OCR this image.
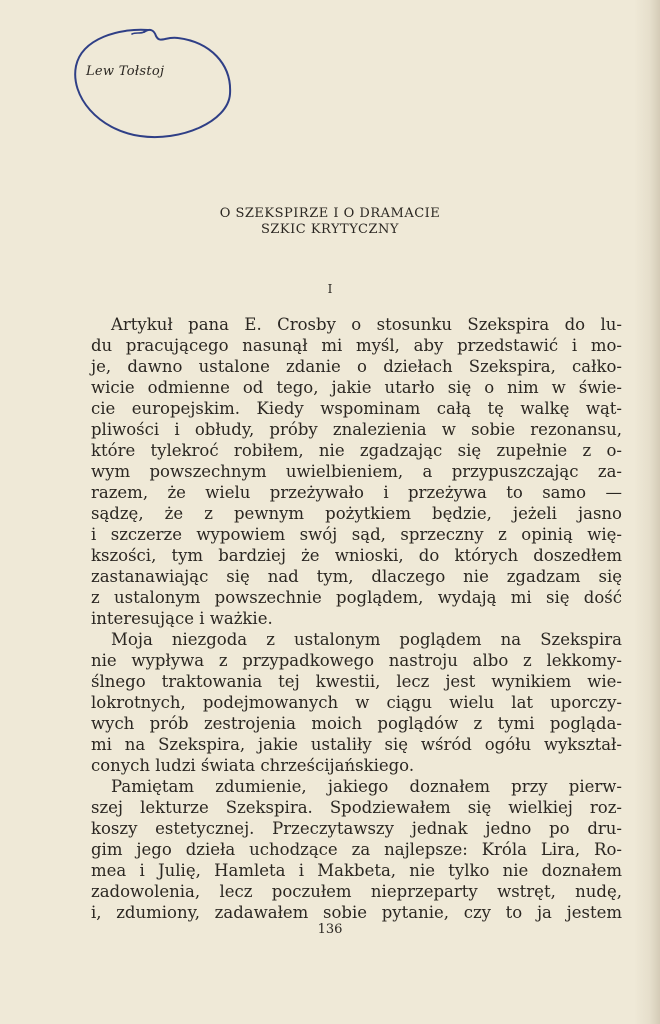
Lew Tołstoj
O SZEKSPIRZE I O DRAMACIE
SZKIC KRYTYCZNY
I
Artykuł pana E. Crosby o stosunku Szekspira do lu-
du pracującego nasunął mi myśl, aby przedstawić i mo-
je, dawno ustalone zdanie o dziełach Szekspira, całko-
wicie odmienne od tego, jakie utarło się o nim w świe-
cie europejskim. Kiedy wspominam całą tę walkę wąt-
pliwości i obłudy, próby znalezienia w sobie rezonansu,
które tylekroć robiłem, nie zgadzając się zupełnie z o-
wym powszechnym uwielbieniem, a przypuszczając za-
razem, że wielu przeżywało i przeżywa to samo —
sądzę, że z pewnym pożytkiem będzie, jeżeli jasno
i szczerze wypowiem swój sąd, sprzeczny z opinią wię-
kszości, tym bardziej że wnioski, do których doszedłem
zastanawiając się nad tym, dlaczego nie zgadzam się
z ustalonym powszechnie poglądem, wydają mi się dość
interesujące i ważkie.
Moja niezgoda z ustalonym poglądem na Szekspira
nie wypływa z przypadkowego nastroju albo z lekkomy-
ślnego traktowania tej kwestii, lecz jest wynikiem wie-
lokrotnych, podejmowanych w ciągu wielu lat uporczy-
wych prób zestrojenia moich poglądów z tymi pogląda-
mi na Szekspira, jakie ustaliły się wśród ogółu wykształ-
conych ludzi świata chrześcijańskiego.
Pamiętam zdumienie, jakiego doznałem przy pierw-
szej lekturze Szekspira. Spodziewałem się wielkiej roz-
koszy estetycznej. Przeczytawszy jednak jedno po dru-
gim jego dzieła uchodzące za najlepsze: Króla Lira, Ro-
mea i Julię, Hamleta i Makbeta, nie tylko nie doznałem
zadowolenia, lecz poczułem nieprzeparty wstręt, nudę,
i, zdumiony, zadawałem sobie pytanie, czy to ja jestem
136
